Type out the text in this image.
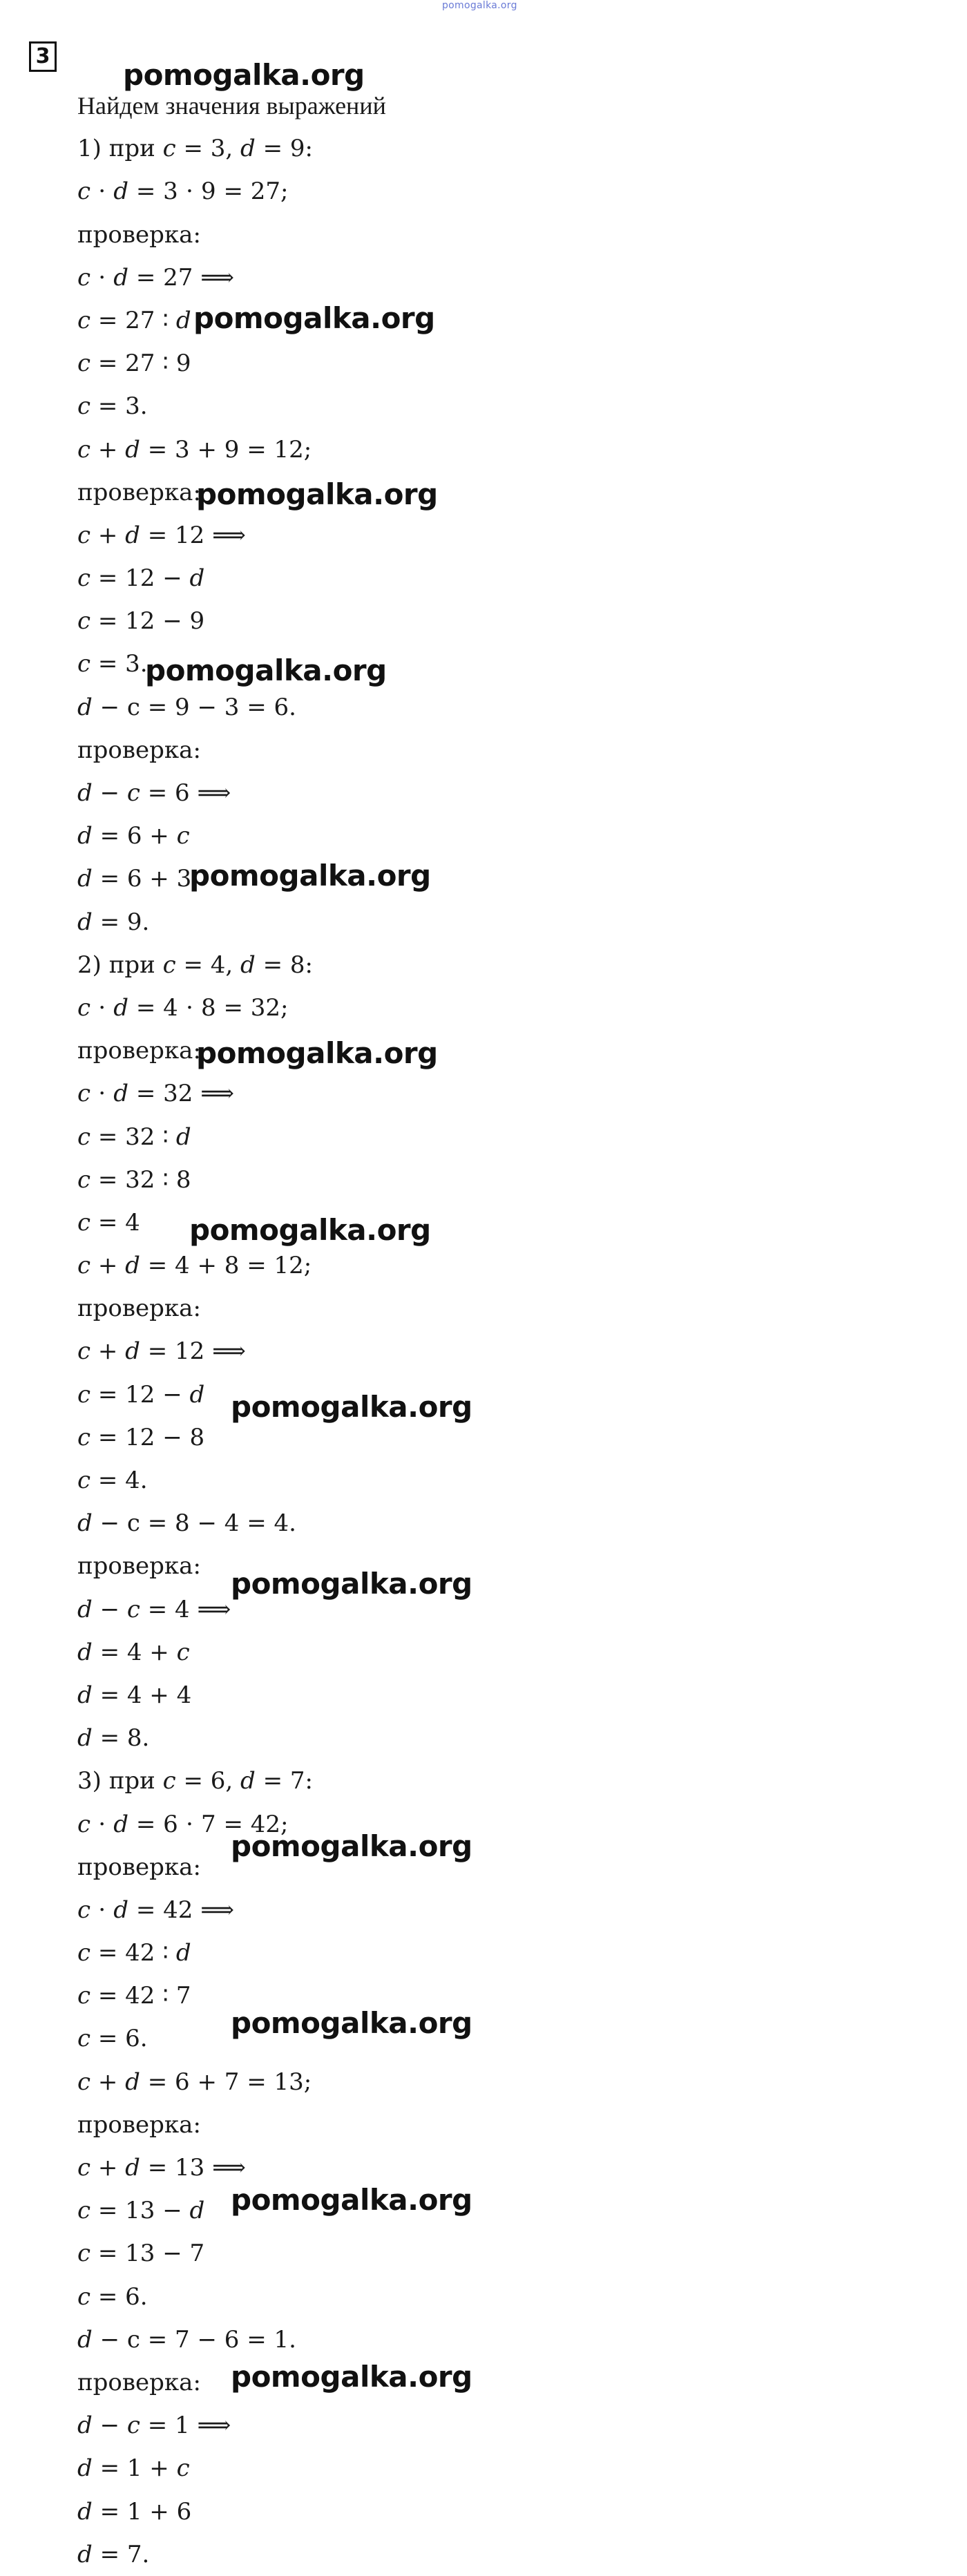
pomogalka.org
3
Найдем значения выражений
1) при 𝑐 = 3, 𝑑 = 9:
𝑐 ⋅ 𝑑 = 3 ⋅ 9 = 27;
проверка:
𝑐 ⋅ 𝑑 = 27 ⟹
𝑐 = 27 ∶ 𝑑
𝑐 = 27 ∶ 9
𝑐 = 3.
𝑐 + 𝑑 = 3 + 9 = 12;
проверка:
𝑐 + 𝑑 = 12 ⟹
𝑐 = 12 − 𝑑
𝑐 = 12 − 9
𝑐 = 3.
𝑑 − с = 9 − 3 = 6.
проверка:
𝑑 − 𝑐 = 6 ⟹
𝑑 = 6 + 𝑐
𝑑 = 6 + 3
𝑑 = 9.
2) при 𝑐 = 4, 𝑑 = 8:
𝑐 ⋅ 𝑑 = 4 ⋅ 8 = 32;
проверка:
𝑐 ⋅ 𝑑 = 32 ⟹
𝑐 = 32 ∶ 𝑑
𝑐 = 32 ∶ 8
𝑐 = 4
𝑐 + 𝑑 = 4 + 8 = 12;
проверка:
𝑐 + 𝑑 = 12 ⟹
𝑐 = 12 − 𝑑
𝑐 = 12 − 8
𝑐 = 4.
𝑑 − с = 8 − 4 = 4.
проверка:
𝑑 − 𝑐 = 4 ⟹
𝑑 = 4 + 𝑐
𝑑 = 4 + 4
𝑑 = 8.
3) при 𝑐 = 6, 𝑑 = 7:
𝑐 ⋅ 𝑑 = 6 ⋅ 7 = 42;
проверка:
𝑐 ⋅ 𝑑 = 42 ⟹
𝑐 = 42 ∶ 𝑑
𝑐 = 42 ∶ 7
𝑐 = 6.
𝑐 + 𝑑 = 6 + 7 = 13;
проверка:
𝑐 + 𝑑 = 13 ⟹
𝑐 = 13 − 𝑑
𝑐 = 13 − 7
𝑐 = 6.
𝑑 − с = 7 − 6 = 1.
проверка:
𝑑 − 𝑐 = 1 ⟹
𝑑 = 1 + 𝑐
𝑑 = 1 + 6
𝑑 = 7.
pomogalka.org
pomogalka.org
pomogalka.org
pomogalka.org
pomogalka.org
pomogalka.org
pomogalka.org
pomogalka.org
pomogalka.org
pomogalka.org
pomogalka.org
pomogalka.org
pomogalka.org
